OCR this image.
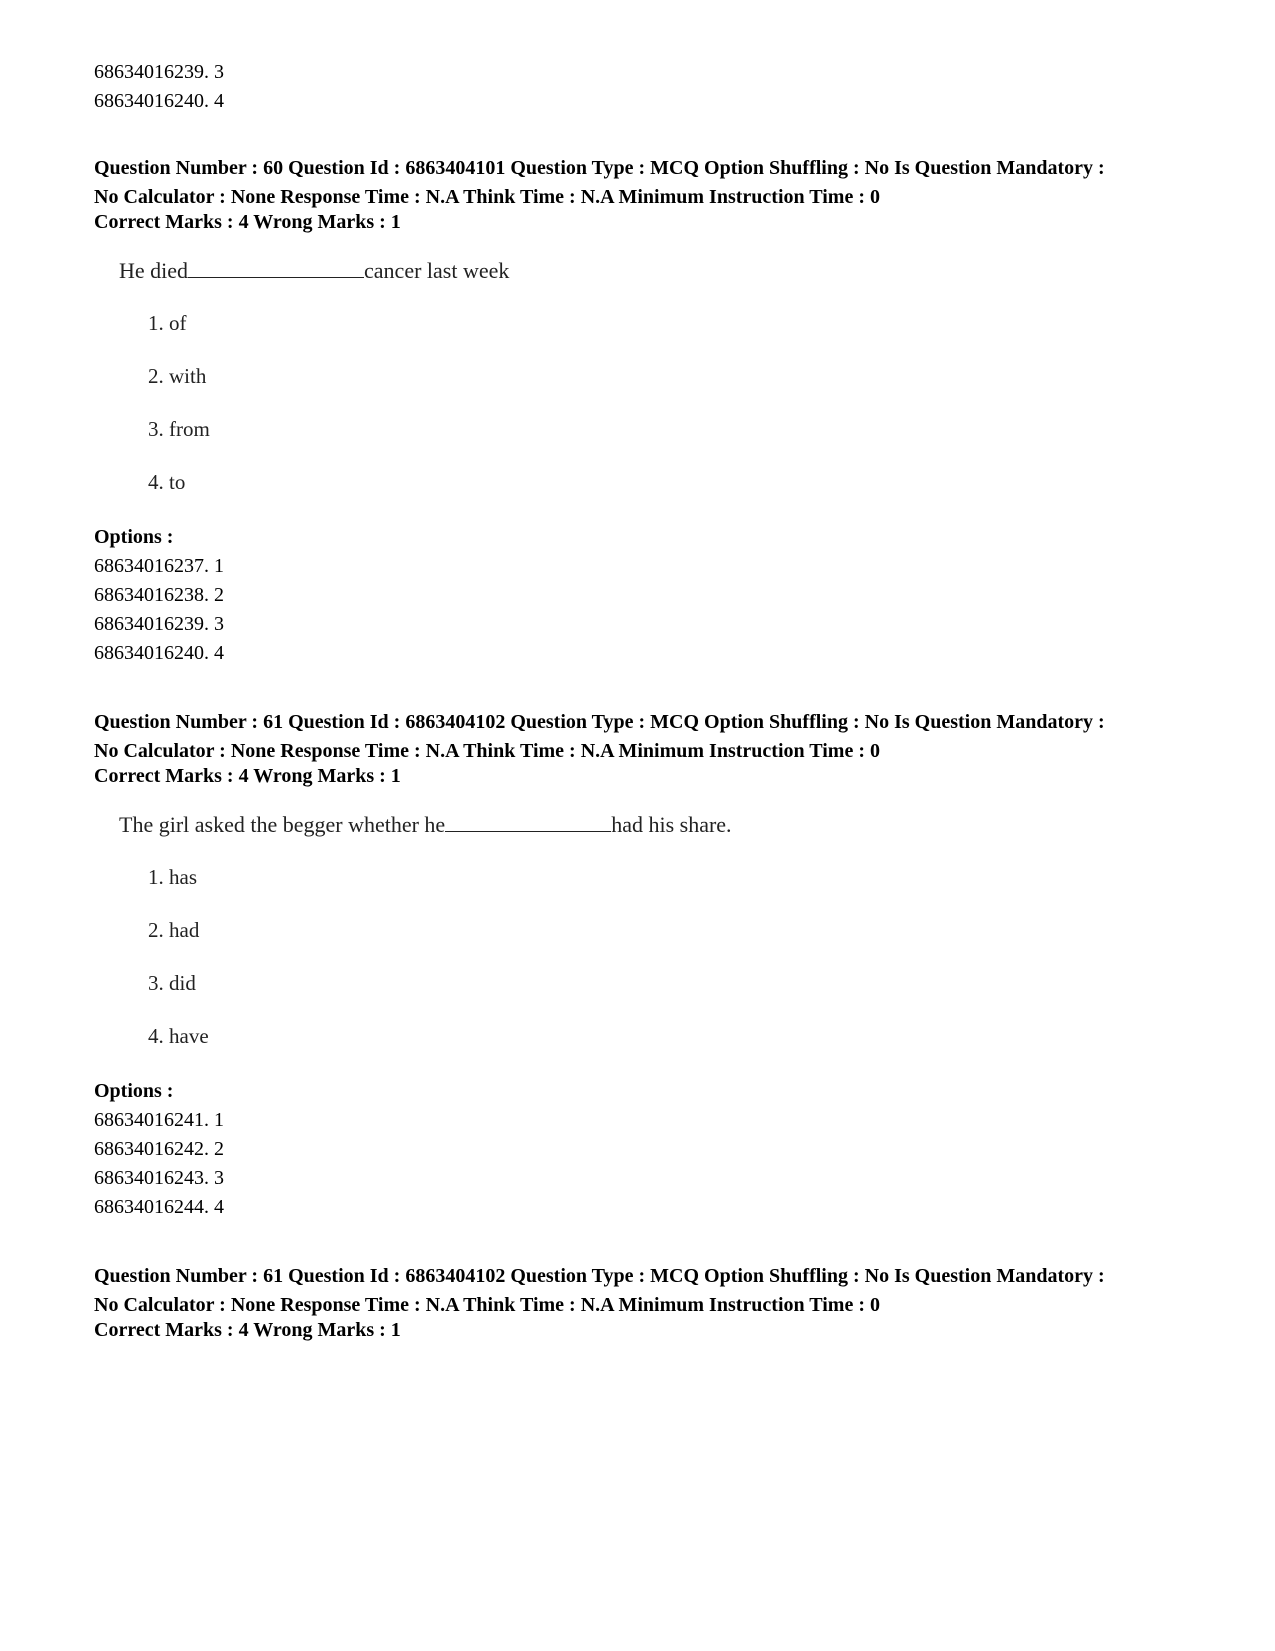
68634016239. 3
68634016240. 4
Question Number : 60 Question Id : 6863404101 Question Type : MCQ Option Shuffling : No Is Question Mandatory :
No Calculator : None Response Time : N.A Think Time : N.A Minimum Instruction Time : 0
Correct Marks : 4 Wrong Marks : 1
He died	cancer last week
1. of
2. with
3. from
4. to
Options :
68634016237. 1
68634016238. 2
68634016239. 3
68634016240. 4
Question Number : 61 Question Id : 6863404102 Question Type : MCQ Option Shuffling : No Is Question Mandatory :
No Calculator : None Response Time : N.A Think Time : N.A Minimum Instruction Time : 0
Correct Marks : 4 Wrong Marks : 1
The girl asked the begger whether he	had his share.
1. has
2. had
3. did
4. have
Options :
68634016241. 1
68634016242. 2
68634016243. 3
68634016244. 4
Question Number : 61 Question Id : 6863404102 Question Type : MCQ Option Shuffling : No Is Question Mandatory :
No Calculator : None Response Time : N.A Think Time : N.A Minimum Instruction Time : 0
Correct Marks : 4 Wrong Marks : 1
